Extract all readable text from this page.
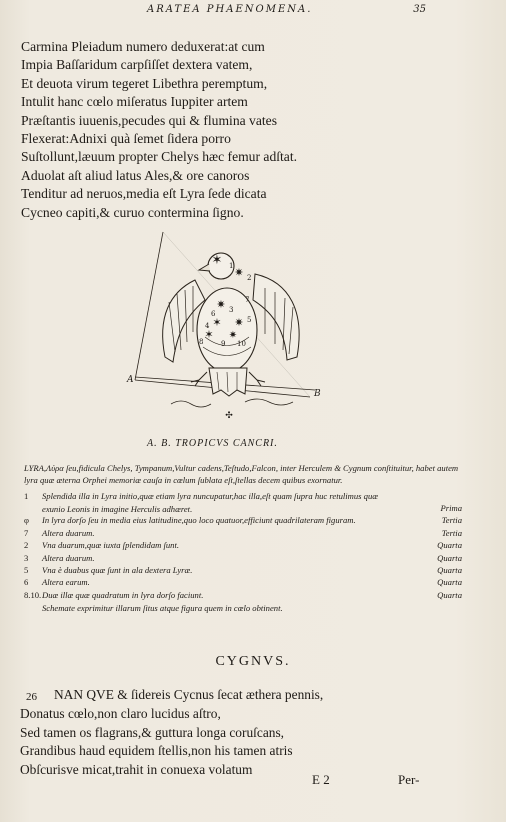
ARATEA PHAENOMENA.	35
Carmina Pleiadum numero deduxerat:at cum
Impia Baſſaridum carpſiſſet dextera vatem,
Et deuota virum tegeret Libethra peremptum,
Intulit hanc cœlo miſeratus Iuppiter artem
Præſtantis iuuenis,pecudes qui & flumina vates
Flexerat:Adnixi quà ſemet ſidera porro
Suſtollunt,læuum propter Chelys hæc femur adſtat.
Aduolat aſt aliud latus Ales,& ore canoros
Tenditur ad neruos,media eſt Lyra ſede dicata
Cycneo capiti,& curuo contermina ſigno.
✶
✷
✷
✶ ✷
✶ ✷
1
2
3
4
5
6
7
8	9 10
A
B
✣
A. B. TROPICVS CANCRI.

LYRA,Λύρα ſeu,fidicula Chelys, Tympanum,Vultur cadens,Teſtudo,Falcon, inter Herculem & Cygnum conſtituitur, habet autem lyra quæ æterna Orphei memoriæ cauſa in cœlum ſublata eſt,ſtellas decem quibus exornatur.

1	Splendida illa in Lyra initio,quæ etiam lyra nuncupatur,hac illa,eſt quam ſupra huc retulimus quæ exunio Leonis in imagine Herculis adhæret.	Prima
φ	In lyra dorſo ſeu in media eius latitudine,quo loco quatuor,efficiunt quadrilateram figuram.	Tertia
7	Altera duarum.	Tertia
2	Vna duarum,quæ iuxta ſplendidam ſunt.	Quarta
3	Altera duarum.	Quarta
5	Vna è duabus quæ ſunt in ala dextera Lyræ.	Quarta
6	Altera earum.	Quarta
8.10. Duæ illæ quæ quadratum in lyra dorſo faciunt.	Quarta
Schemate exprimitur illarum ſitus atque figura quem in cœlo obtinent.
CYGNVS.
26 NAN QVE & ſidereis Cycnus ſecat æthera pennis,
Donatus cœlo,non claro lucidus aſtro,
Sed tamen os flagrans,& guttura longa coruſcans,
Grandibus haud equidem ſtellis,non his tamen atris
Obſcurisve micat,trahit in conuexa volatum
E 2	Per-
